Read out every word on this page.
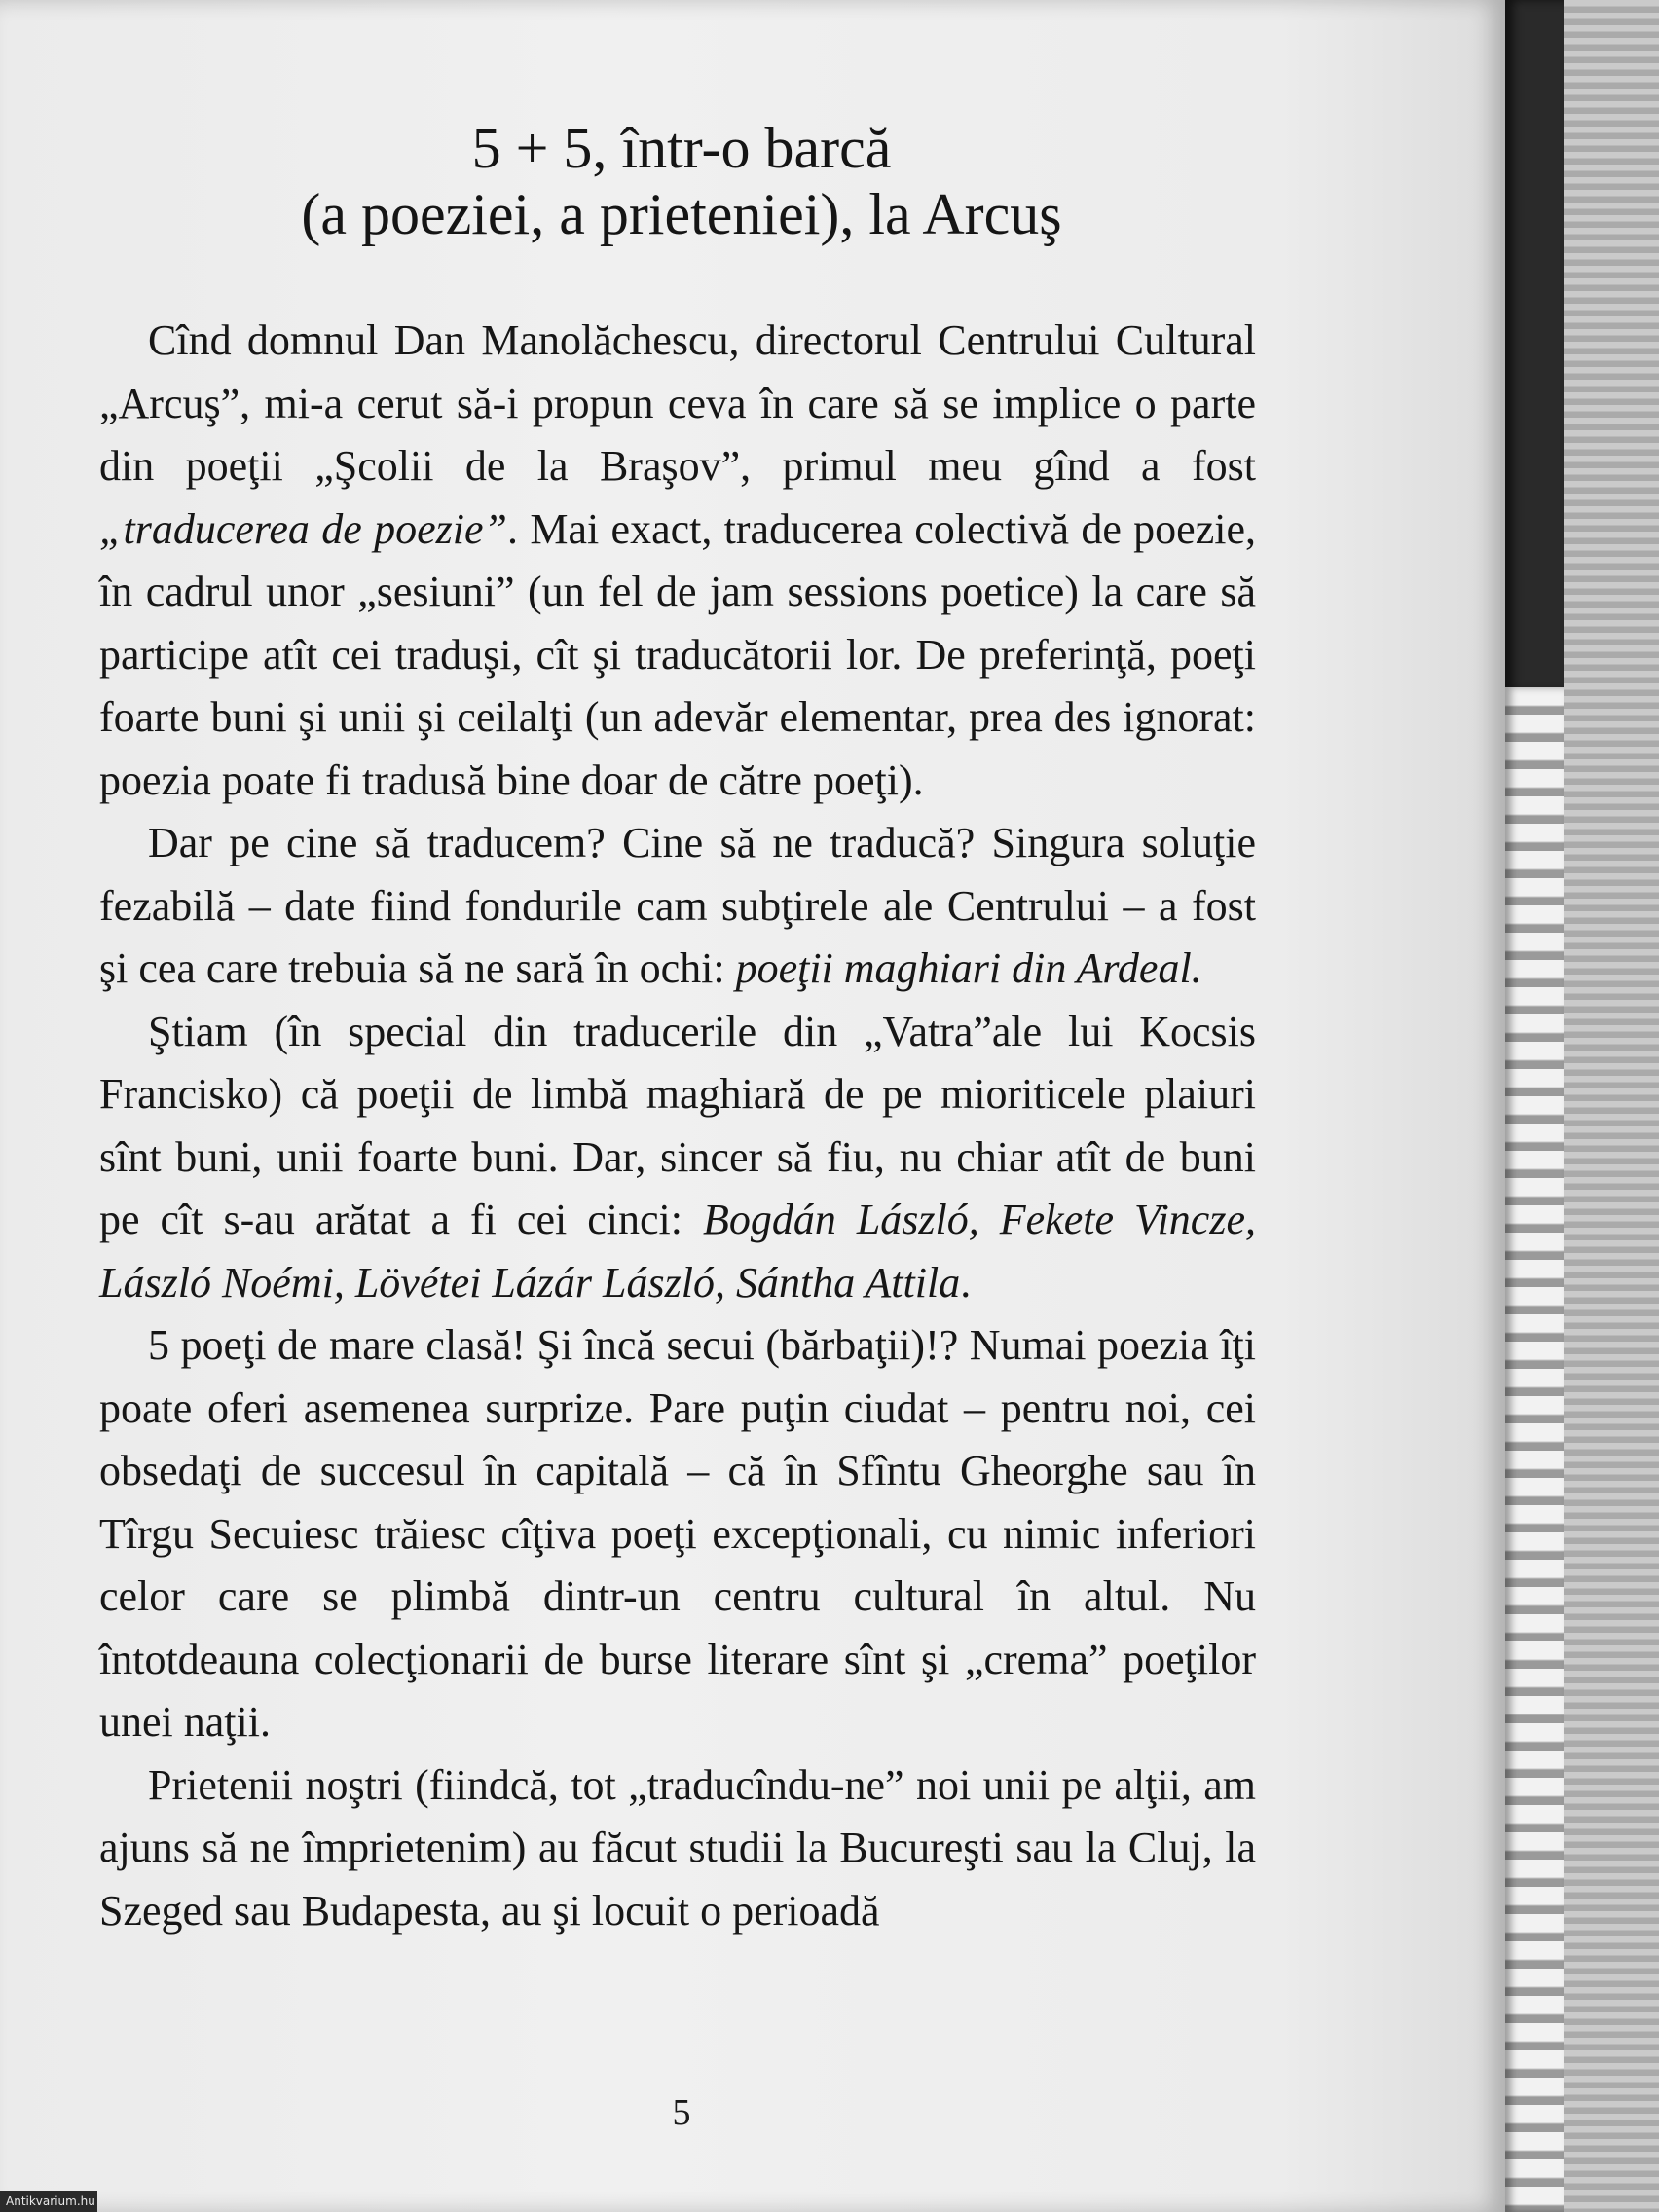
5 + 5, într-o barcă
(a poeziei, a prieteniei), la Arcuş

Cînd domnul Dan Manolăchescu, directorul Centrului Cultural „Arcuş”, mi-a cerut să-i propun ceva în care să se implice o parte din poeţii „Şcolii de la Braşov”, primul meu gînd a fost „traducerea de poezie”. Mai exact, traducerea colectivă de poezie, în cadrul unor „sesiuni” (un fel de jam sessions poetice) la care să participe atît cei traduşi, cît şi traducătorii lor. De preferinţă, poeţi foarte buni şi unii şi ceilalţi (un adevăr elementar, prea des ignorat: poezia poate fi tradusă bine doar de către poeţi).

Dar pe cine să traducem? Cine să ne traducă? Singura soluţie fezabilă – date fiind fondurile cam subţirele ale Centrului – a fost şi cea care trebuia să ne sară în ochi: poeţii maghiari din Ardeal.

Ştiam (în special din traducerile din „Vatra”ale lui Kocsis Francisko) că poeţii de limbă maghiară de pe mioriticele plaiuri sînt buni, unii foarte buni. Dar, sincer să fiu, nu chiar atît de buni pe cît s-au arătat a fi cei cinci: Bogdán László, Fekete Vincze, László Noémi, Lövétei Lázár László, Sántha Attila.

5 poeţi de mare clasă! Şi încă secui (bărbaţii)!? Numai poezia îţi poate oferi asemenea surprize. Pare puţin ciudat – pentru noi, cei obsedaţi de succesul în capitală – că în Sfîntu Gheorghe sau în Tîrgu Secuiesc trăiesc cîţiva poeţi excepţionali, cu nimic inferiori celor care se plimbă dintr-un centru cultural în altul. Nu întotdeauna colecţionarii de burse literare sînt şi „crema” poeţilor unei naţii.

Prietenii noştri (fiindcă, tot „traducîndu-ne” noi unii pe alţii, am ajuns să ne împrietenim) au făcut studii la Bucureşti sau la Cluj, la Szeged sau Budapesta, au şi locuit o perioadă

5
Antikvarium.hu
